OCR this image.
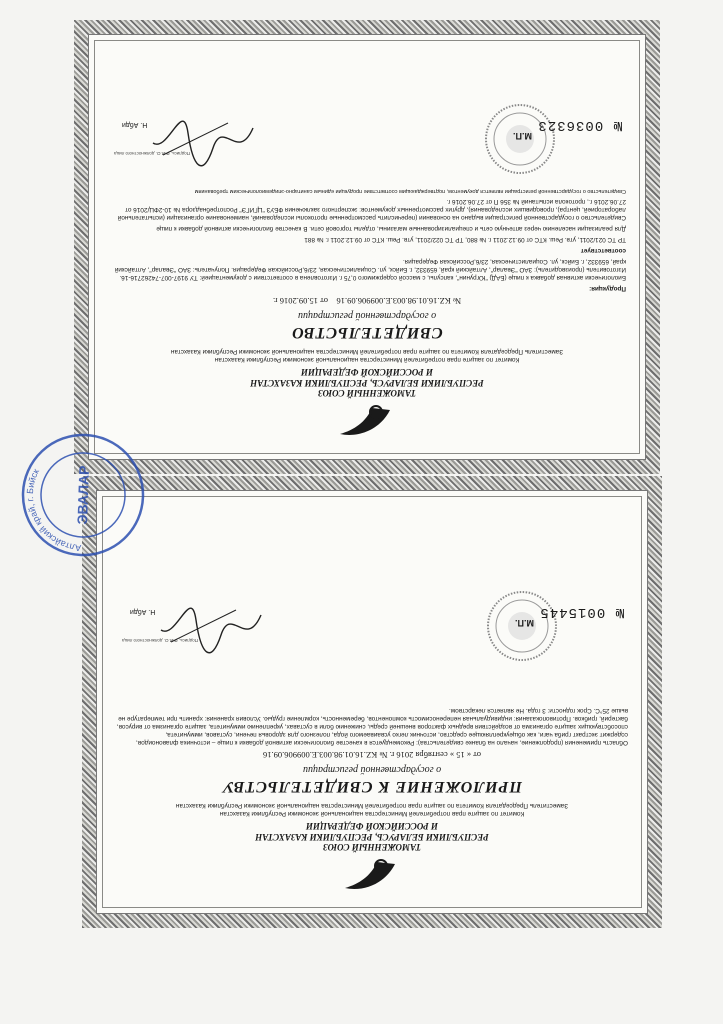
ТАМОЖЕННЫЙ СОЮЗ
РЕСПУБЛИКИ БЕЛАРУСЬ, РЕСПУБЛИКИ КАЗАХСТАН
И РОССИЙСКОЙ ФЕДЕРАЦИИ
Комитет по защите прав потребителей Министерства национальной экономики Республики Казахстан
Заместитель Председателя Комитета по защите прав потребителей Министерства национальной экономики Республики Казахстан
СВИДЕТЕЛЬСТВО
о государственной регистрации
№ KZ.16.01.98.003.E.009906.09.16    от 15.09.2016 г.

Продукция:

Биологически активная добавка к пище (БАД) "Югрунин", капсулы, с массой содержимого 0,75 г. Изготовлена в соответствии с документацией: ТУ 9197-007-74262716-16. Изготовитель (производитель): ЗАО "Эвалар", Алтайский край, 659332, г. Бийск, ул. Социалистическая, 23/6,Российская Федерация. Получатель: ЗАО "Эвалар", Алтайский край, 659332, г. Бийск, ул. Социалистическая, 23/6,Российская Федерация.

соответствует

ТР ТС 021/2011, утв. Реш. КТС от 09.12.2011 г. № 880, ТР ТС 022/2011, утв. Реш. КТС от 09.12.2011 г. № 881

Для реализации населению через аптечную сеть и специализированные магазины, отделы торговой сети. В качестве биологически активной добавки к пище

Свидетельство о государственной регистрации выдано на основании (перечислить рассмотренные протоколы исследований, наименование организации (испытательной лабораторией, центра), проводивших исследования), других рассмотренных документов: экспертного заключения ФБУЗ "ЦГИГЭ" Роспотребнадзора № 10-2ФЦ/2016 от 27.06.2016 г., протокола испытаний № 356 П от 27.06.2016 г.

Свидетельство о государственной регистрации является документом, подтверждающим соответствие продукции единым санитарно-эпидемиологическим требованиям

Подпись, Ф.И.О. должностного лица
Н. Абди
М.П.
№ 0036323
ТАМОЖЕННЫЙ СОЮЗ
РЕСПУБЛИКИ БЕЛАРУСЬ, РЕСПУБЛИКИ КАЗАХСТАН
И РОССИЙСКОЙ ФЕДЕРАЦИИ
Комитет по защите прав потребителей Министерства национальной экономики Республики Казахстан
Заместитель Председателя Комитета по защите прав потребителей Министерства национальной экономики Республики Казахстан
ПРИЛОЖЕНИЕ К СВИДЕТЕЛЬСТВУ
о государственной регистрации
от « 15 » сентября 2016 г. № KZ.16.01.98.003.E.009906.09.16

Область применения (продолжение, начало на бланке свидетельства): Рекомендуется в качестве биологически активной добавки к пище – источника флавоноидов, содержит экстракт гриба чаги, как общеукрепляющее средство, источник легко усваиваемого йода, полезного для здоровья печени, суставов, иммунитета, способствующих защите организма от воздействия вредных факторов внешней среды, снижению боли в суставах, укреплению иммунитета, защите организма от вирусов, бактерий, грибков. Противопоказания: индивидуальная непереносимость компонентов, беременность, кормление грудью. Условия хранения: хранить при температуре не выше 25°С. Срок годности: 3 года. Не является лекарством.

Подпись, Ф.И.О. должностного лица
Н. Абди
М.П.
№ 0015445
Алтайский край, г. Бийск	ЭВАЛАР
